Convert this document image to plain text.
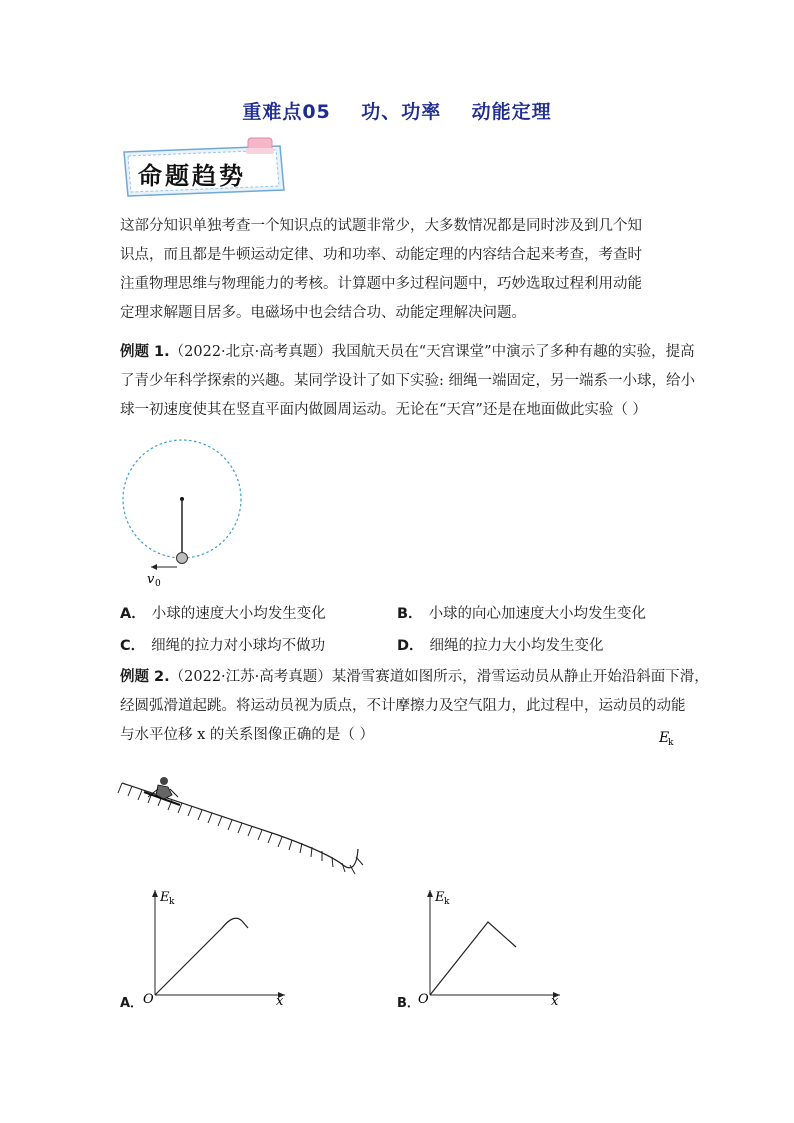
重难点05    功、功率    动能定理
命题趋势
这部分知识单独考查一个知识点的试题非常少，大多数情况都是同时涉及到几个知
识点，而且都是牛顿运动定律、功和功率、动能定理的内容结合起来考查，考查时
注重物理思维与物理能力的考核。计算题中多过程问题中，巧妙选取过程利用动能
定理求解题目居多。电磁场中也会结合功、动能定理解决问题。
例题 1.（2022·北京·高考真题）我国航天员在“天宫课堂”中演示了多种有趣的实验，提高
了青少年科学探索的兴趣。某同学设计了如下实验: 细绳一端固定，另一端系一小球，给小
球一初速度使其在竖直平面内做圆周运动。无论在“天宫”还是在地面做此实验（ ）
v 0
A． 小球的速度大小均发生变化	B． 小球的向心加速度大小均发生变化
C． 细绳的拉力对小球均不做功	D． 细绳的拉力大小均发生变化
例题 2.（2022·江苏·高考真题）某滑雪赛道如图所示，滑雪运动员从静止开始沿斜面下滑，
经圆弧滑道起跳。将运动员视为质点，不计摩擦力及空气阻力，此过程中，运动员的动能
与水平位移 x 的关系图像正确的是（ ）	E
k
E k
O	x
A．
E k
O	x
B．
